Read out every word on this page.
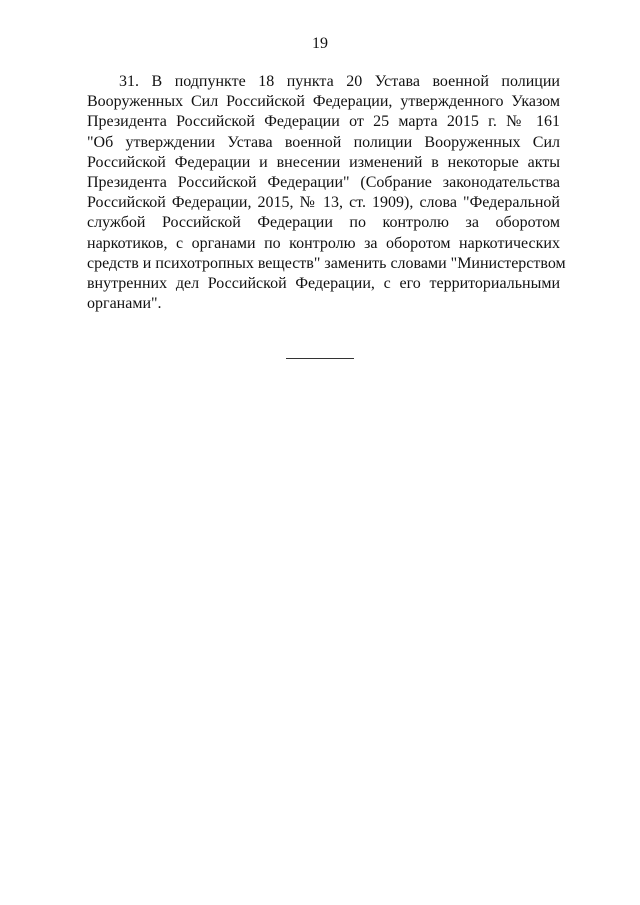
19

31. В подпункте 18 пункта 20 Устава военной полиции
Вооруженных Сил Российской Федерации, утвержденного Указом
Президента Российской Федерации от 25 марта 2015 г. № 161
"Об утверждении Устава военной полиции Вооруженных Сил
Российской Федерации и внесении изменений в некоторые акты
Президента Российской Федерации" (Собрание законодательства
Российской Федерации, 2015, № 13, ст. 1909), слова "Федеральной
службой Российской Федерации по контролю за оборотом
наркотиков, с органами по контролю за оборотом наркотических
средств и психотропных веществ" заменить словами "Министерством
внутренних дел Российской Федерации, с его территориальными
органами".
